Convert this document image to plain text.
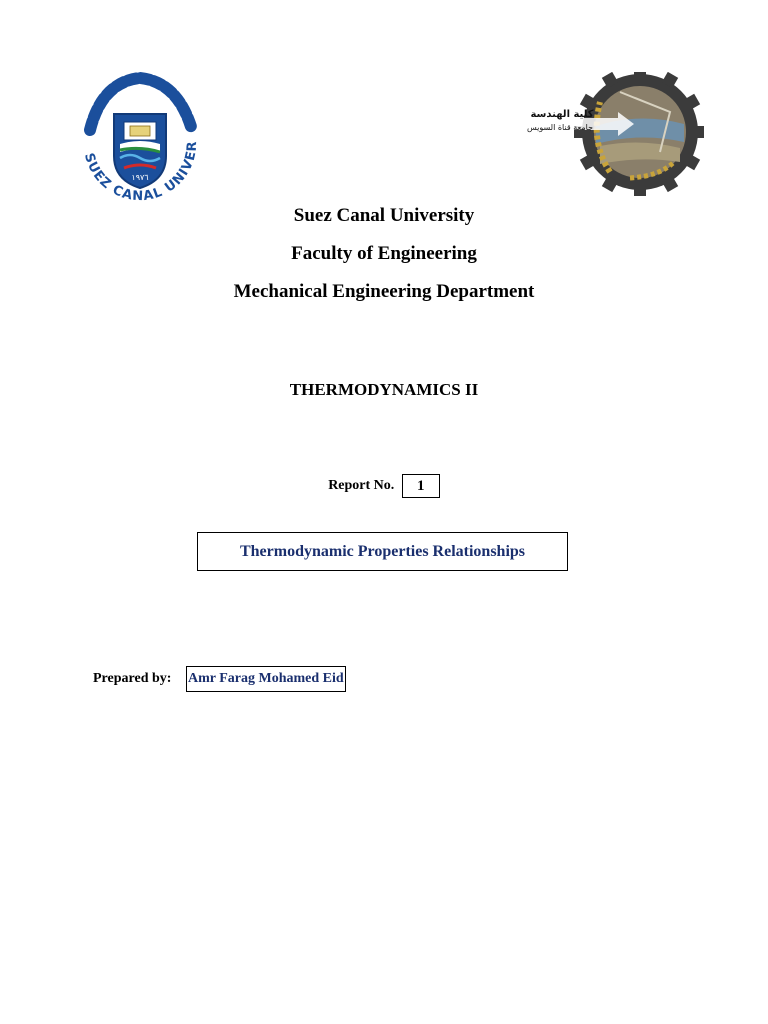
SUEZ CANAL UNIVER
١٩٧٦
كلية الهندسة
جامعة قناة السويس
Suez Canal University
Faculty of Engineering
Mechanical Engineering Department
THERMODYNAMICS II
Report No. 1
Thermodynamic Properties Relationships
Prepared by: Amr Farag Mohamed Eid
